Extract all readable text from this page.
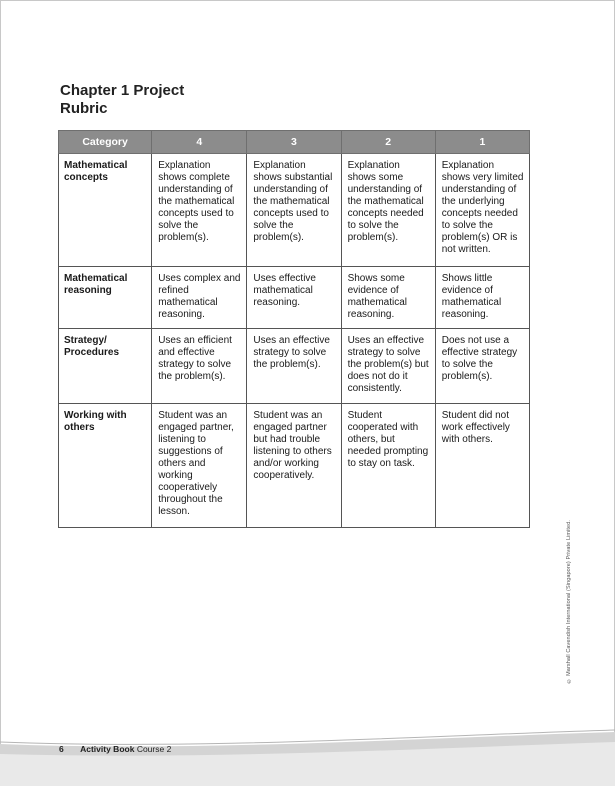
Chapter 1 Project
Rubric
Category	4	3	2	1
Mathematical concepts	Explanation shows complete understanding of the mathematical concepts used to solve the problem(s).	Explanation shows substantial understanding of the mathematical concepts used to solve the problem(s).	Explanation shows some understanding of the mathematical concepts needed to solve the problem(s).	Explanation shows very limited understanding of the underlying concepts needed to solve the problem(s) OR is not written.
Mathematical reasoning	Uses complex and refined mathematical reasoning.	Uses effective mathematical reasoning.	Shows some evidence of mathematical reasoning.	Shows little evidence of mathematical reasoning.
Strategy/ Procedures	Uses an efficient and effective strategy to solve the problem(s).	Uses an effective strategy to solve the problem(s).	Uses an effective strategy to solve the problem(s) but does not do it consistently.	Does not use a effective strategy to solve the problem(s).
Working with others	Student was an engaged partner, listening to suggestions of others and working cooperatively throughout the lesson.	Student was an engaged partner but had trouble listening to others and/or working cooperatively.	Student cooperated with others, but needed prompting to stay on task.	Student did not work effectively with others.
© Marshall Cavendish International (Singapore) Private Limited.
6 Activity Book Course 2
